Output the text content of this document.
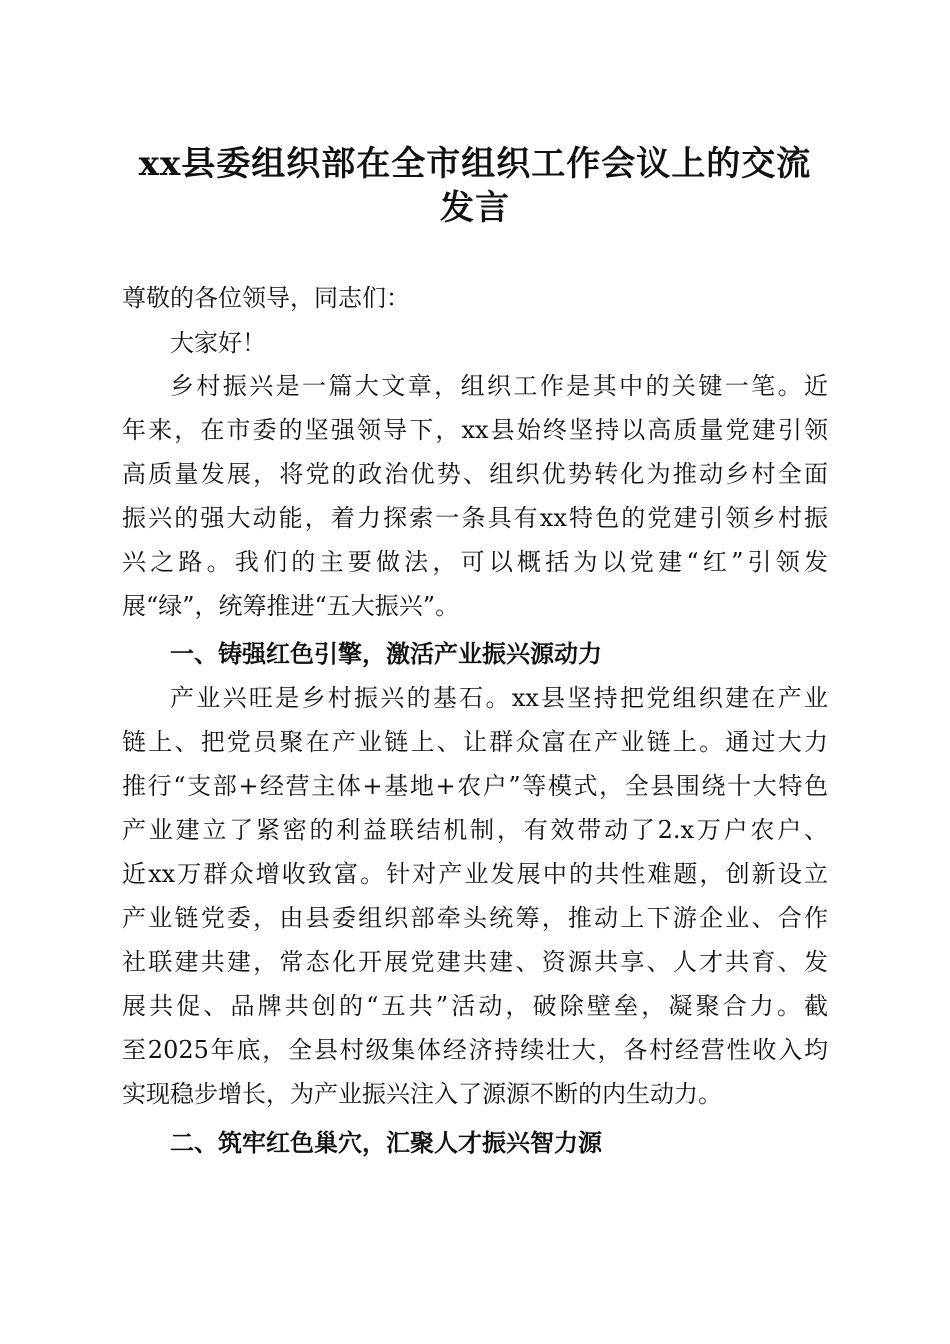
xx县委组织部在全市组织工作会议上的交流
发言
尊敬的各位领导，同志们：
大家好！
乡村振兴是一篇大文章，组织工作是其中的关键一笔。近
年来，在市委的坚强领导下，xx县始终坚持以高质量党建引领
高质量发展，将党的政治优势、组织优势转化为推动乡村全面
振兴的强大动能，着力探索一条具有xx特色的党建引领乡村振
兴之路。我们的主要做法，可以概括为以党建“红”引领发
展“绿”，统筹推进“五大振兴”。
一、铸强红色引擎，激活产业振兴源动力
产业兴旺是乡村振兴的基石。xx县坚持把党组织建在产业
链上、把党员聚在产业链上、让群众富在产业链上。通过大力
推行“支部+经营主体+基地+农户”等模式，全县围绕十大特色
产业建立了紧密的利益联结机制，有效带动了2.x万户农户、
近xx万群众增收致富。针对产业发展中的共性难题，创新设立
产业链党委，由县委组织部牵头统筹，推动上下游企业、合作
社联建共建，常态化开展党建共建、资源共享、人才共育、发
展共促、品牌共创的“五共”活动，破除壁垒，凝聚合力。截
至2025年底，全县村级集体经济持续壮大，各村经营性收入均
实现稳步增长，为产业振兴注入了源源不断的内生动力。
二、筑牢红色巢穴，汇聚人才振兴智力源
